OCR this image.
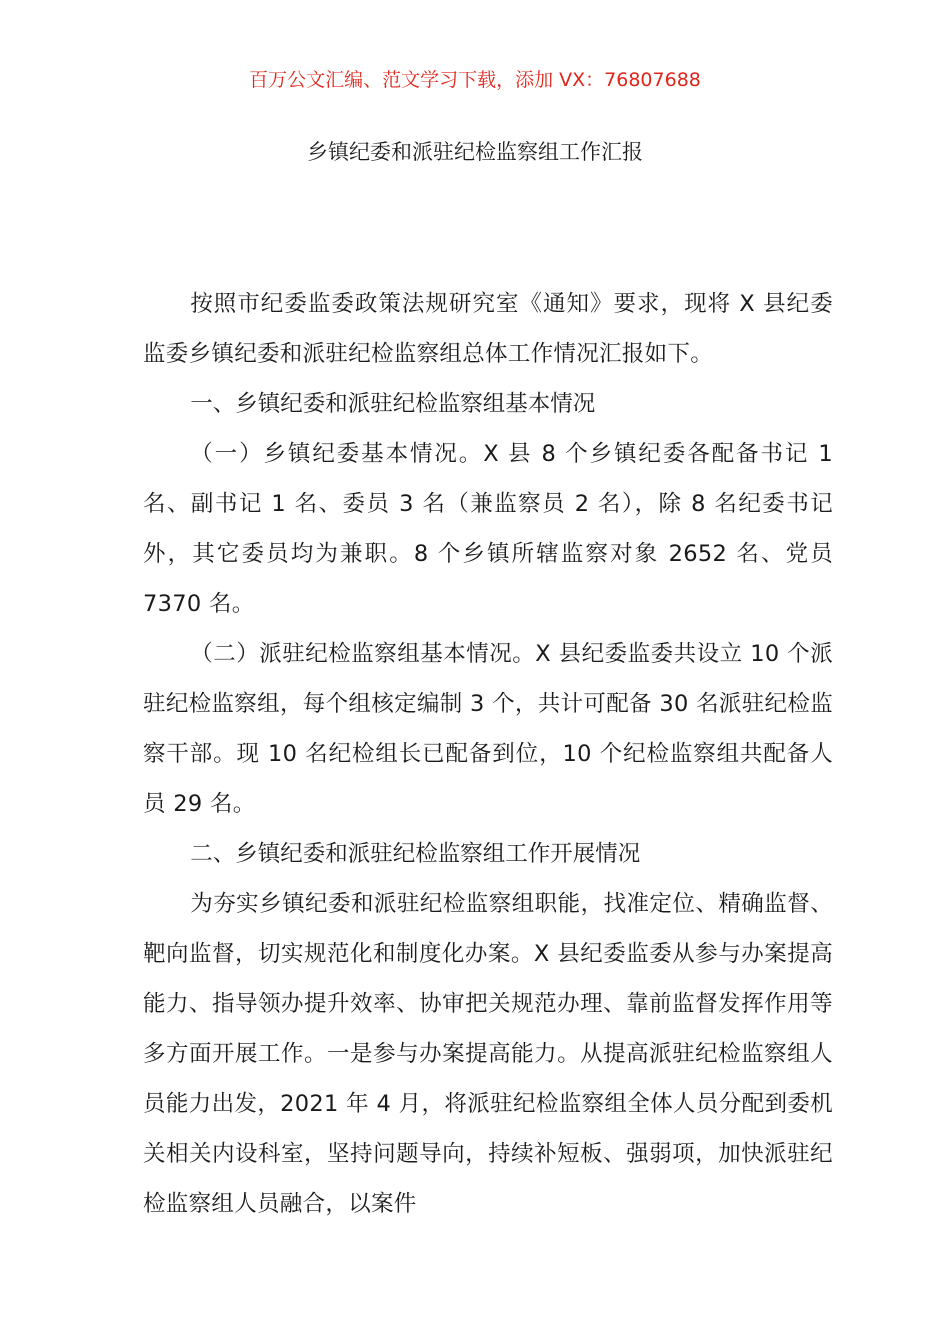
百万公文汇编、范文学习下载，添加 VX：76807688
乡镇纪委和派驻纪检监察组工作汇报

按照市纪委监委政策法规研究室《通知》要求，现将 X 县纪委监委乡镇纪委和派驻纪检监察组总体工作情况汇报如下。

一、乡镇纪委和派驻纪检监察组基本情况

（一）乡镇纪委基本情况。X 县 8 个乡镇纪委各配备书记 1 名、副书记 1 名、委员 3 名（兼监察员 2 名），除 8 名纪委书记外，其它委员均为兼职。8 个乡镇所辖监察对象 2652 名、党员 7370 名。

（二）派驻纪检监察组基本情况。X 县纪委监委共设立 10 个派驻纪检监察组，每个组核定编制 3 个，共计可配备 30 名派驻纪检监察干部。现 10 名纪检组长已配备到位，10 个纪检监察组共配备人员 29 名。

二、乡镇纪委和派驻纪检监察组工作开展情况

为夯实乡镇纪委和派驻纪检监察组职能，找准定位、精确监督、靶向监督，切实规范化和制度化办案。X 县纪委监委从参与办案提高能力、指导领办提升效率、协审把关规范办理、靠前监督发挥作用等多方面开展工作。一是参与办案提高能力。从提高派驻纪检监察组人员能力出发，2021 年 4 月，将派驻纪检监察组全体人员分配到委机关相关内设科室，坚持问题导向，持续补短板、强弱项，加快派驻纪检监察组人员融合，以案件
